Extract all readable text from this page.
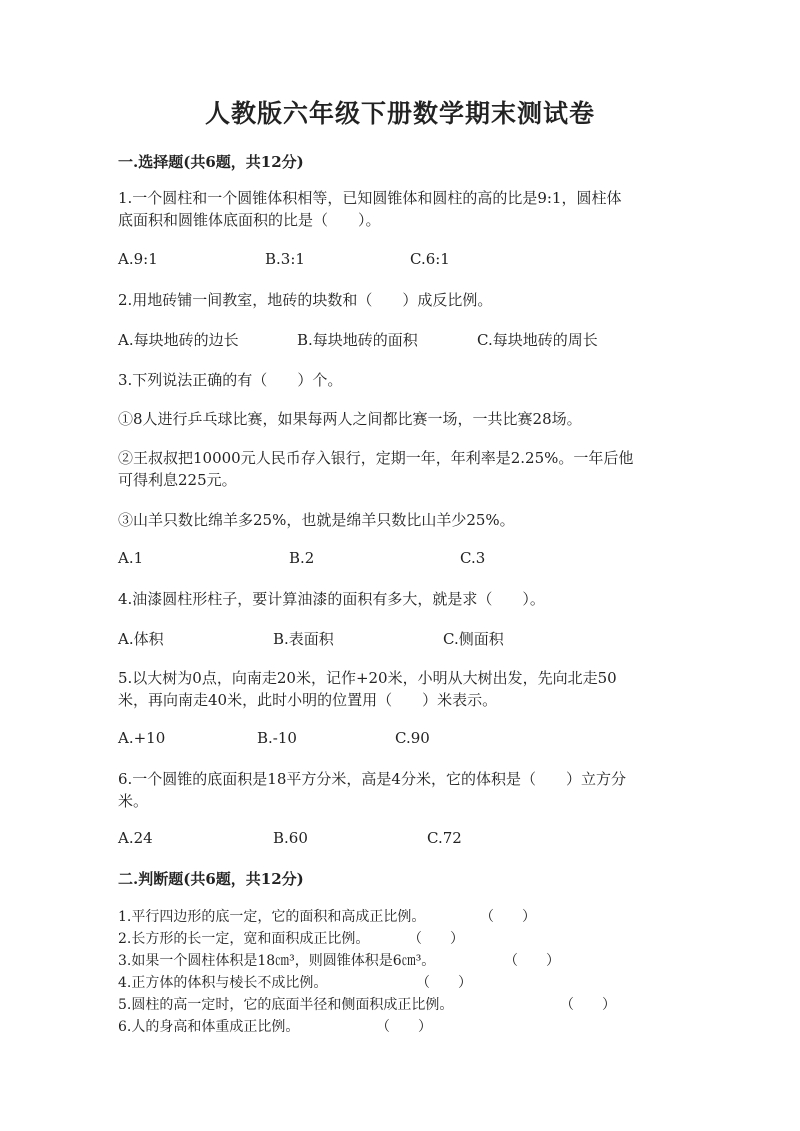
人教版六年级下册数学期末测试卷
一.选择题(共6题，共12分)
1.一个圆柱和一个圆锥体积相等，已知圆锥体和圆柱的高的比是9:1，圆柱体
底面积和圆锥体底面积的比是（　　）。
A.9:1	B.3:1	C.6:1
2.用地砖铺一间教室，地砖的块数和（　　）成反比例。
A.每块地砖的边长	B.每块地砖的面积	C.每块地砖的周长
3.下列说法正确的有（　　）个。
①8人进行乒乓球比赛，如果每两人之间都比赛一场，一共比赛28场。
②王叔叔把10000元人民币存入银行，定期一年，年利率是2.25%。一年后他
可得利息225元。
③山羊只数比绵羊多25%，也就是绵羊只数比山羊少25%。
A.1	B.2	C.3
4.油漆圆柱形柱子，要计算油漆的面积有多大，就是求（　　）。
A.体积	B.表面积	C.侧面积
5.以大树为0点，向南走20米，记作+20米，小明从大树出发，先向北走50
米，再向南走40米，此时小明的位置用（　　）米表示。
A.+10	B.-10	C.90
6.一个圆锥的底面积是18平方分米，高是4分米，它的体积是（　　）立方分
米。
A.24	B.60	C.72
二.判断题(共6题，共12分)
1.平行四边形的底一定，它的面积和高成正比例。	（　　）
2.长方形的长一定，宽和面积成正比例。	（　　）
3.如果一个圆柱体积是18㎝³，则圆锥体积是6㎝³。	（　　）
4.正方体的体积与棱长不成比例。	（　　）
5.圆柱的高一定时，它的底面半径和侧面积成正比例。	（　　）
6.人的身高和体重成正比例。	（　　）
